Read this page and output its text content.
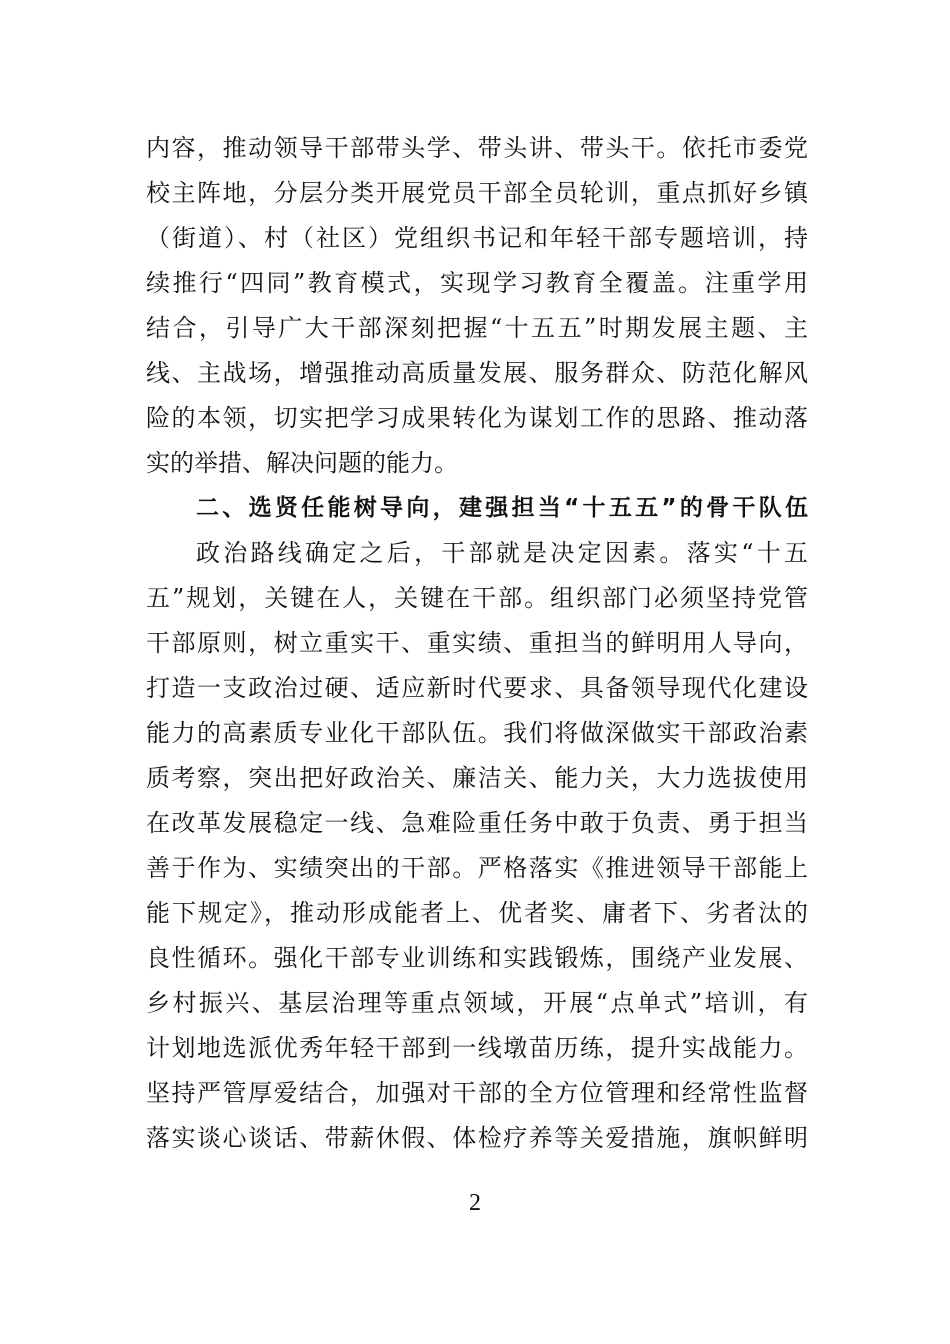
内容，推动领导干部带头学、带头讲、带头干。依托市委党
校主阵地，分层分类开展党员干部全员轮训，重点抓好乡镇
（街道）、村（社区）党组织书记和年轻干部专题培训，持
续推行“四同”教育模式，实现学习教育全覆盖。注重学用
结合，引导广大干部深刻把握“十五五”时期发展主题、主
线、主战场，增强推动高质量发展、服务群众、防范化解风
险的本领，切实把学习成果转化为谋划工作的思路、推动落
实的举措、解决问题的能力。
二、选贤任能树导向，建强担当“十五五”的骨干队伍
政治路线确定之后，干部就是决定因素。落实“十五
五”规划，关键在人，关键在干部。组织部门必须坚持党管
干部原则，树立重实干、重实绩、重担当的鲜明用人导向，
打造一支政治过硬、适应新时代要求、具备领导现代化建设
能力的高素质专业化干部队伍。我们将做深做实干部政治素
质考察，突出把好政治关、廉洁关、能力关，大力选拔使用
在改革发展稳定一线、急难险重任务中敢于负责、勇于担当
善于作为、实绩突出的干部。严格落实《推进领导干部能上
能下规定》，推动形成能者上、优者奖、庸者下、劣者汰的
良性循环。强化干部专业训练和实践锻炼，围绕产业发展、
乡村振兴、基层治理等重点领域，开展“点单式”培训，有
计划地选派优秀年轻干部到一线墩苗历练，提升实战能力。
坚持严管厚爱结合，加强对干部的全方位管理和经常性监督
落实谈心谈话、带薪休假、体检疗养等关爱措施，旗帜鲜明
2
